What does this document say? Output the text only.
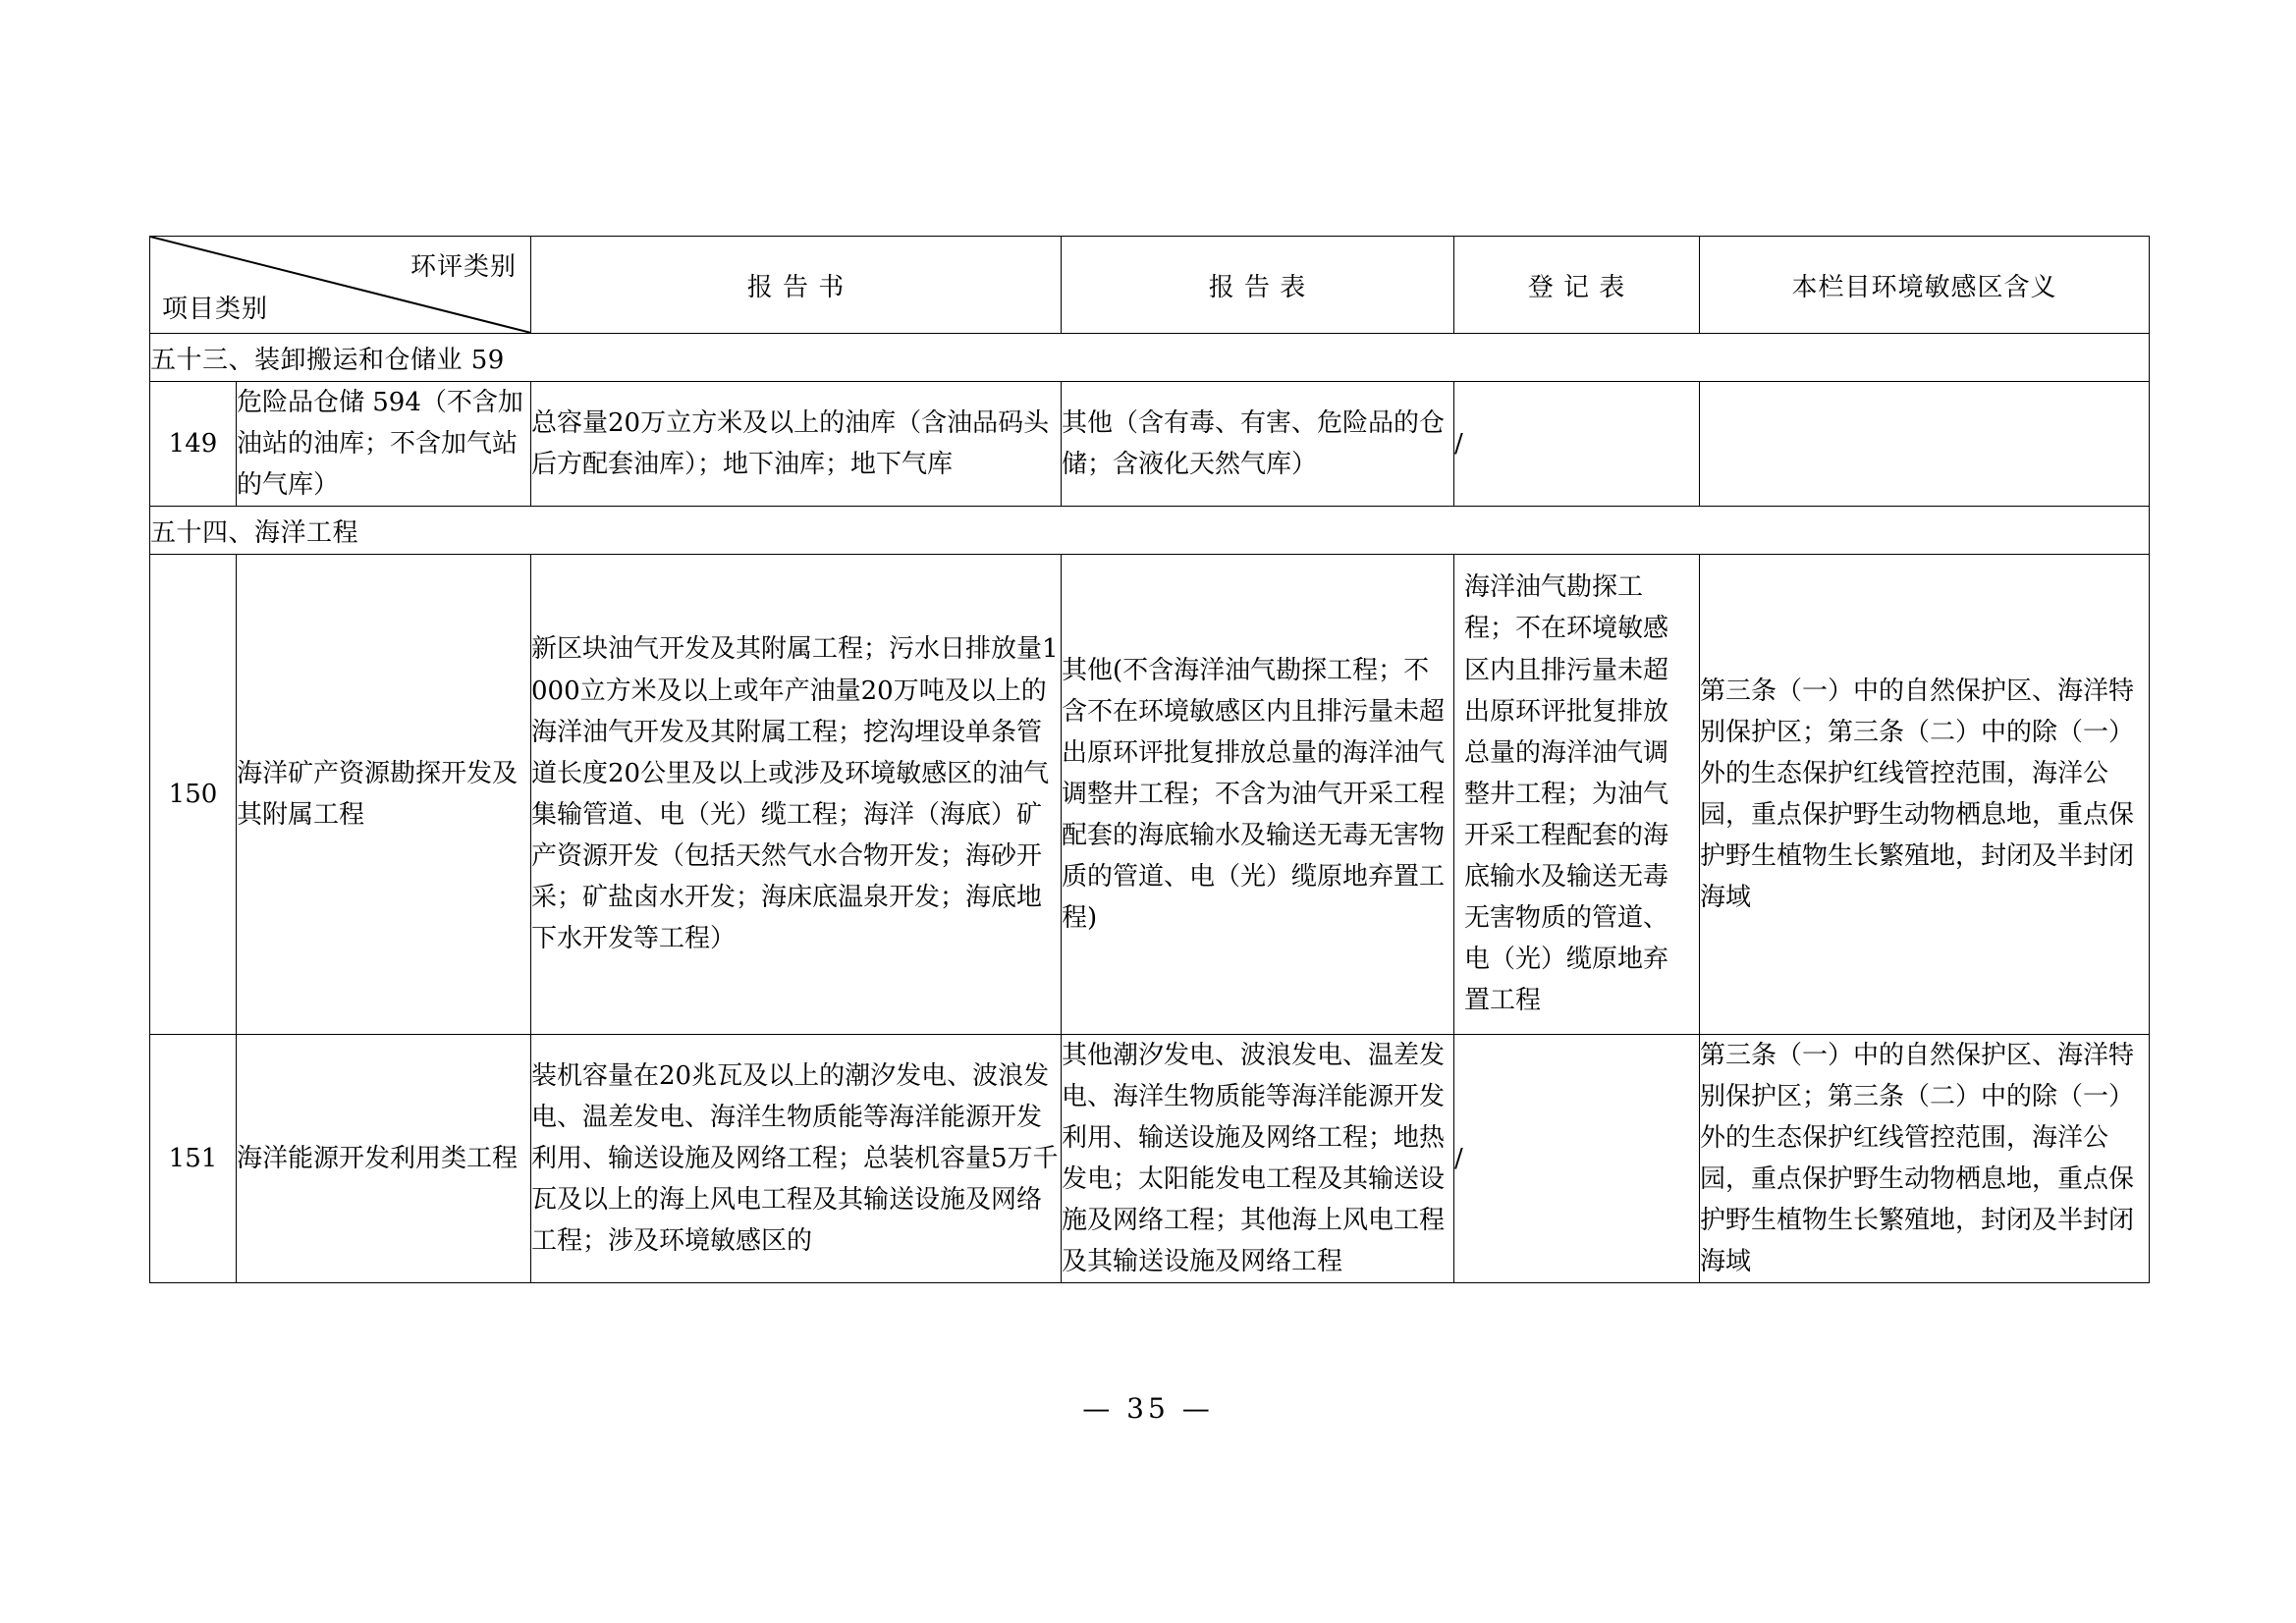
环评类别
项目类别		报 告 书	报 告 表	登 记 表	本栏目环境敏感区含义
五十三、装卸搬运和仓储业 59					
149	危险品仓储 594（不含加油站的油库；不含加气站的气库）	总容量20万立方米及以上的油库（含油品码头后方配套油库）；地下油库；地下气库	其他（含有毒、有害、危险品的仓储；含液化天然气库）	/	
五十四、海洋工程					
150	海洋矿产资源勘探开发及其附属工程	新区块油气开发及其附属工程；污水日排放量1000立方米及以上或年产油量20万吨及以上的海洋油气开发及其附属工程；挖沟埋设单条管道长度20公里及以上或涉及环境敏感区的油气集输管道、电（光）缆工程；海洋（海底）矿产资源开发（包括天然气水合物开发；海砂开采；矿盐卤水开发；海床底温泉开发；海底地下水开发等工程）	其他(不含海洋油气勘探工程；不含不在环境敏感区内且排污量未超出原环评批复排放总量的海洋油气调整井工程；不含为油气开采工程配套的海底输水及输送无毒无害物质的管道、电（光）缆原地弃置工程)	海洋油气勘探工程；不在环境敏感区内且排污量未超出原环评批复排放总量的海洋油气调整井工程；为油气开采工程配套的海底输水及输送无毒无害物质的管道、电（光）缆原地弃置工程	第三条（一）中的自然保护区、海洋特别保护区；第三条（二）中的除（一）外的生态保护红线管控范围，海洋公园，重点保护野生动物栖息地，重点保护野生植物生长繁殖地，封闭及半封闭海域
151	海洋能源开发利用类工程	装机容量在20兆瓦及以上的潮汐发电、波浪发电、温差发电、海洋生物质能等海洋能源开发利用、输送设施及网络工程；总装机容量5万千瓦及以上的海上风电工程及其输送设施及网络工程；涉及环境敏感区的	其他潮汐发电、波浪发电、温差发电、海洋生物质能等海洋能源开发利用、输送设施及网络工程；地热发电；太阳能发电工程及其输送设施及网络工程；其他海上风电工程及其输送设施及网络工程	/	第三条（一）中的自然保护区、海洋特别保护区；第三条（二）中的除（一）外的生态保护红线管控范围，海洋公园，重点保护野生动物栖息地，重点保护野生植物生长繁殖地，封闭及半封闭海域
— 35 —
